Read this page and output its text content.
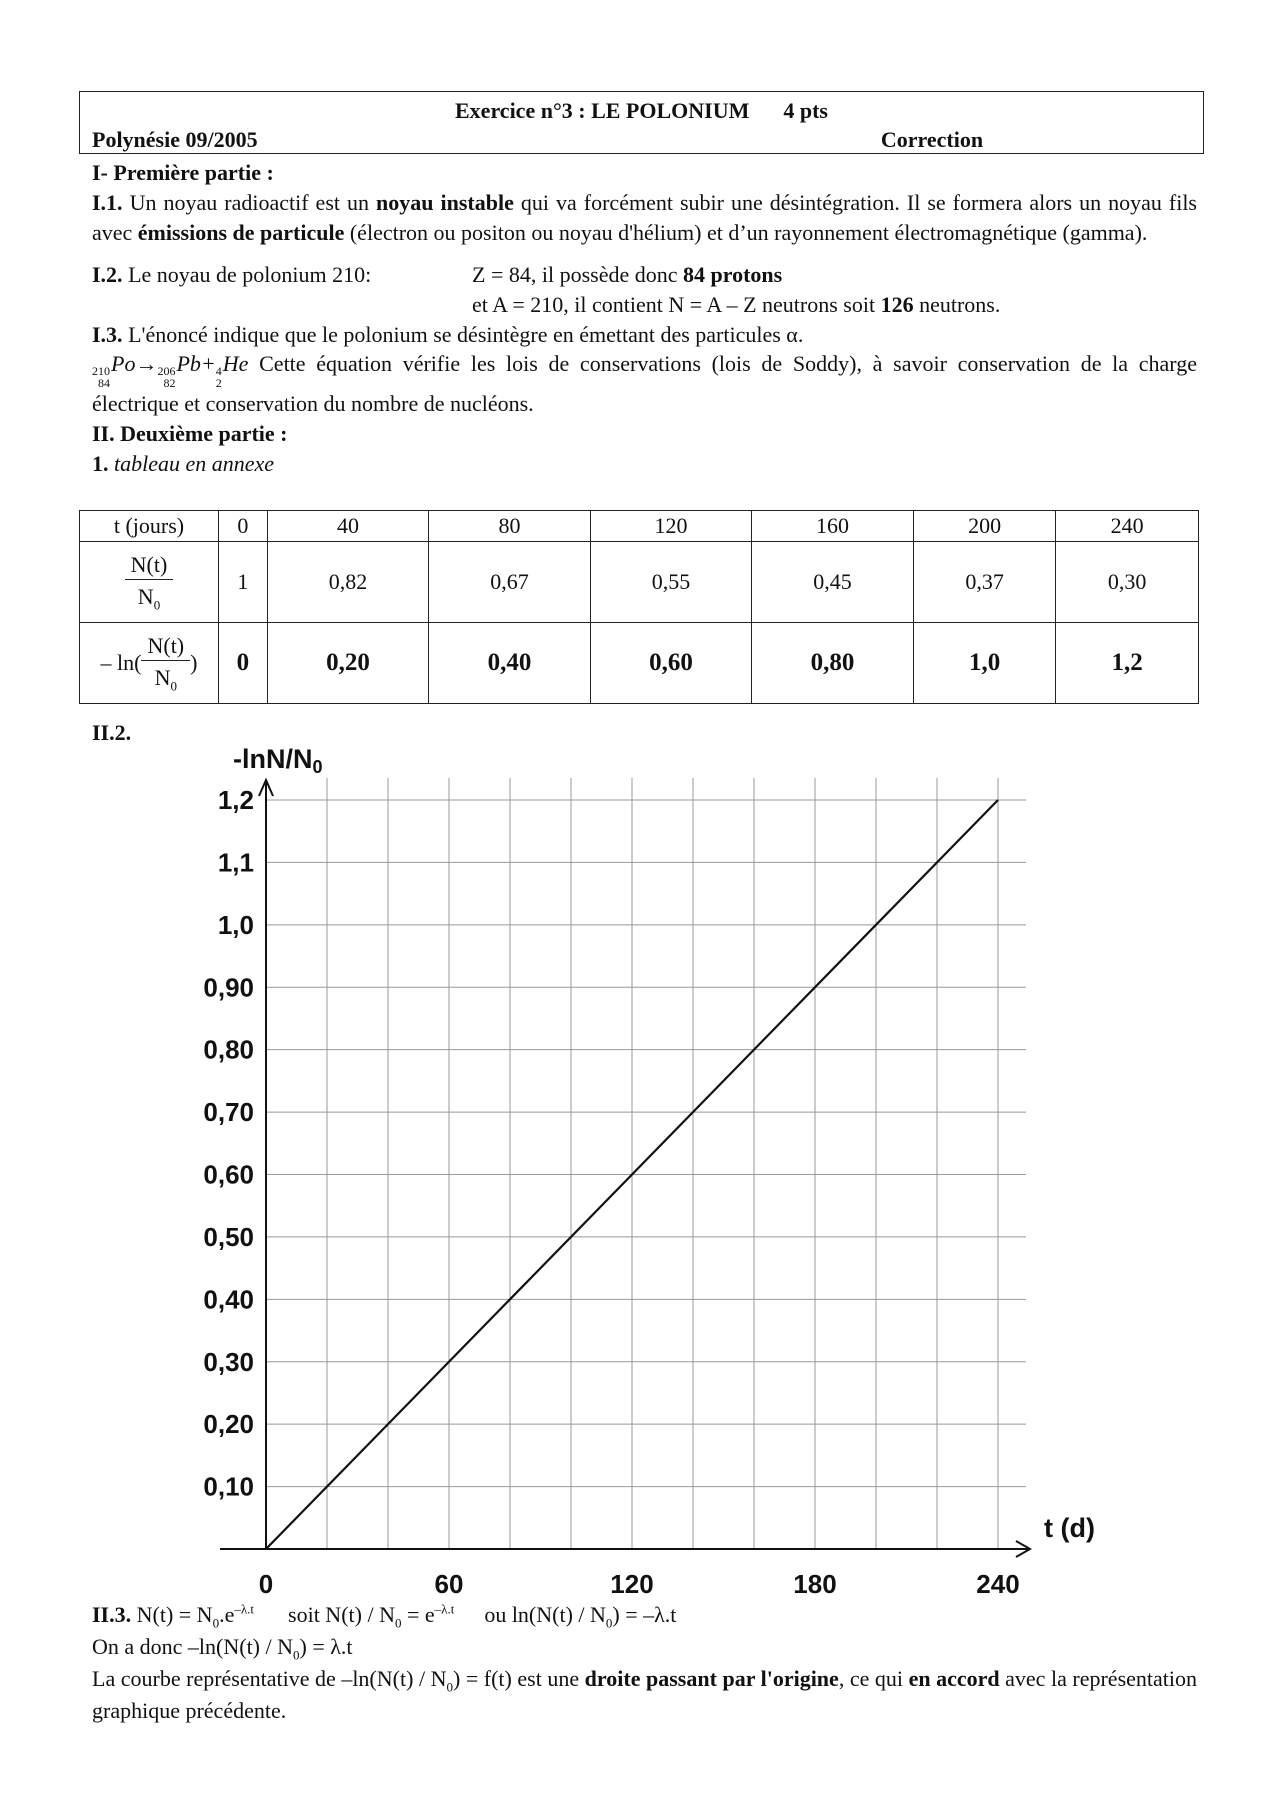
Exercice n°3 : LE POLONIUM 4 pts
Polynésie 09/2005	Correction

I- Première partie :

I.1. Un noyau radioactif est un noyau instable qui va forcément subir une désintégration. Il se formera alors un noyau fils avec émissions de particule (électron ou positon ou noyau d'hélium) et d’un rayonnement électromagnétique (gamma).

I.2. Le noyau de polonium 210:	Z = 84, il possède donc 84 protons
et A = 210, il contient N = A – Z neutrons soit 126 neutrons.

I.3. L'énoncé indique que le polonium se désintègre en émettant des particules α.

210
84
Po→ 206
82
Pb+ 4
2
He Cette équation vérifie les lois de conservations (lois de Soddy), à savoir conservation de la charge électrique et conservation du nombre de nucléons.

II. Deuxième partie :

1. tableau en annexe

t (jours)	0	40	80	120	160	200	240

$\frac{N(t)}{N_0}$	1	0,82	0,67	0,55	0,45	0,37	0,30

– $\ln( \frac{N(t)}{N_0}$ )	0	0,20	0,40	0,60	0,80	1,0	1,2
II.2.
0,10
0,20
0,30
0,40
0,50
0,60
0,70
0,80
0,90
1,0
1,1
1,2
0	60	120	180	240
-lnN/N0
t (d)

II.3. $N(t) = N_0.e^{-\lambda.t}$ soit $N(t) / N_0 = e^{-\lambda.t}$ ou $\ln(N(t) / N_0) = -\lambda.t$

On a donc $-\ln(N(t) / N_0) = \lambda.t$

La courbe représentative de $-\ln(N(t) / N_0) = f(t)$ est une droite passant par l'origine, ce qui en accord avec la représentation graphique précédente.
